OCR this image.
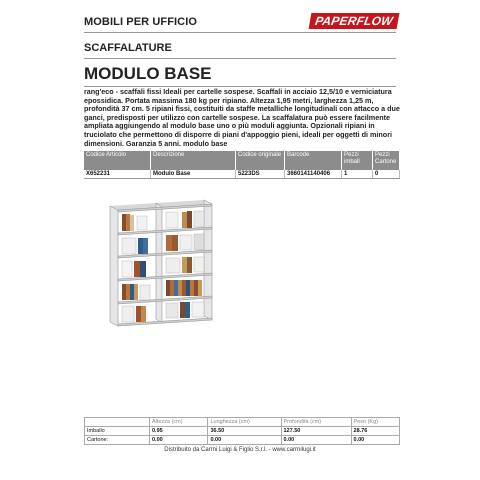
MOBILI PER UFFICIO	PAPERFLOW
SCAFFALATURE
MODULO BASE
rang'eco - scaffali fissi Ideali per cartelle sospese. Scaffali in acciaio 12,5/10 e verniciatura epossidica. Portata massima 180 kg per ripiano. Altezza 1,95 metri, larghezza 1,25 m, profondità 37 cm. 5 ripiani fissi, costituiti da staffe metalliche longitudinali con attacco a due ganci, predisposti per utilizzo con cartelle sospese. La scaffalatura può essere facilmente ampliata aggiungendo al modulo base uno o più moduli aggiunta. Opzionali ripiani in truciolato che permettono di disporre di piani d'appoggio pieni, ideali per oggetti di minori dimensioni. Garanzia 5 anni. modulo base
Codice Articolo	Descrizione	Codice originale	Barcode	Pezzi imball	Pezzi Cartone
X652231	Modulo Base	5223DS	3660141140406	1	0
	Altezza (cm)	Lunghezza (cm)	Profondità (cm)	Peso (Kg)
Imballo	0.95	36.50	127.50	28.76
Cartone:	0.00	0.00	0.00	0.00
Distribuito da Carrni Luigi & Figlio S.r.l. - www.carrnilugi.it
